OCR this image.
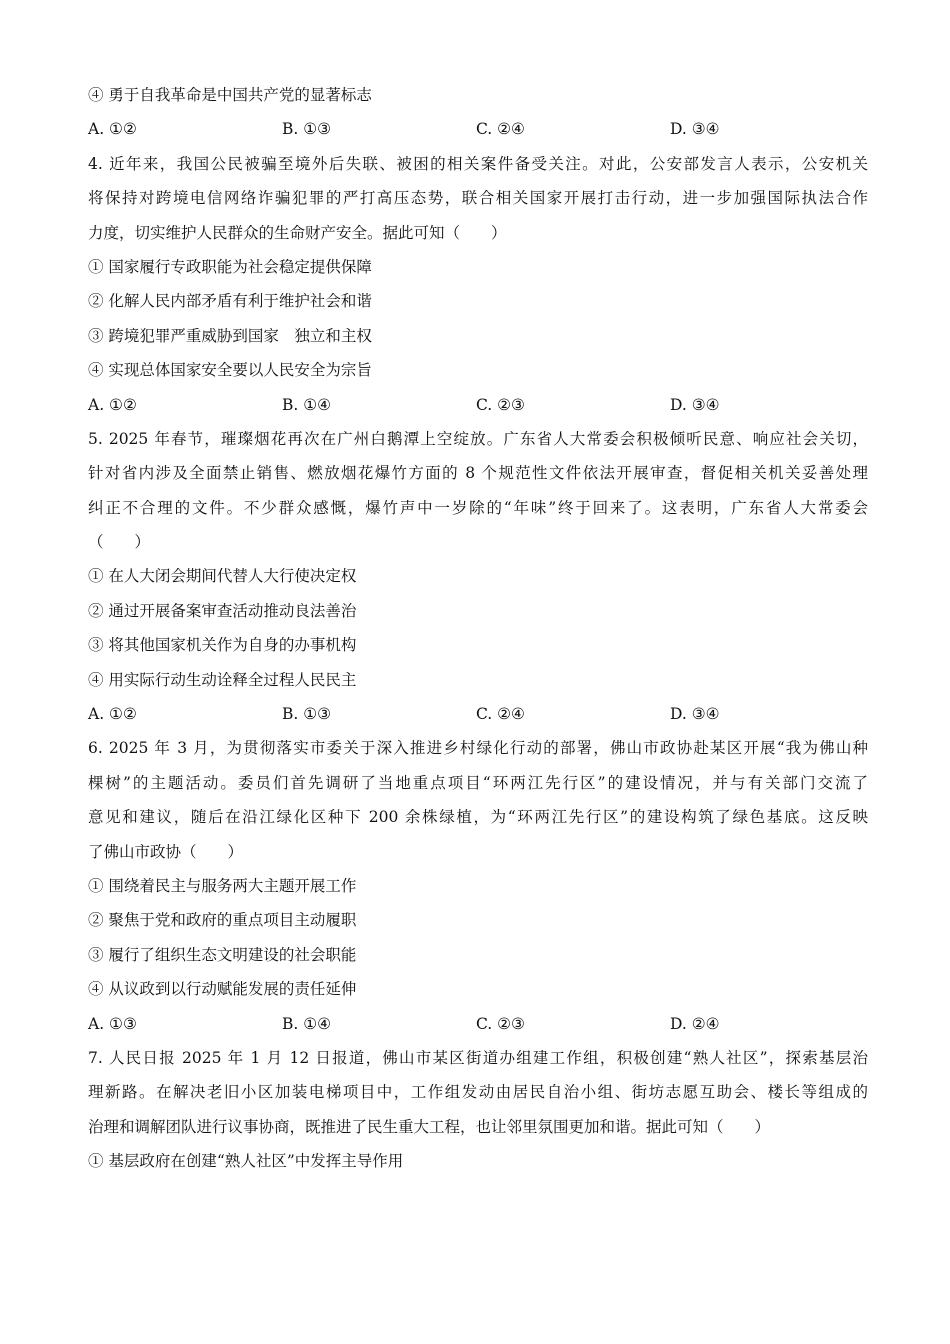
④ 勇于自我革命是中国共产党的显著标志
A. ①②	B. ①③	C. ②④	D. ③④
4. 近年来，我国公民被骗至境外后失联、被困的相关案件备受关注。对此，公安部发言人表示，公安机关
将保持对跨境电信网络诈骗犯罪的严打高压态势，联合相关国家开展打击行动，进一步加强国际执法合作
力度，切实维护人民群众的生命财产安全。据此可知（　　）
① 国家履行专政职能为社会稳定提供保障
② 化解人民内部矛盾有利于维护社会和谐
③ 跨境犯罪严重威胁到国家　独立和主权
④ 实现总体国家安全要以人民安全为宗旨
A. ①②	B. ①④	C. ②③	D. ③④
5. 2025 年春节，璀璨烟花再次在广州白鹅潭上空绽放。广东省人大常委会积极倾听民意、响应社会关切，
针对省内涉及全面禁止销售、燃放烟花爆竹方面的 8 个规范性文件依法开展审查，督促相关机关妥善处理
纠正不合理的文件。不少群众感慨，爆竹声中一岁除的“年味”终于回来了。这表明，广东省人大常委会
（　　）
① 在人大闭会期间代替人大行使决定权
② 通过开展备案审查活动推动良法善治
③ 将其他国家机关作为自身的办事机构
④ 用实际行动生动诠释全过程人民民主
A. ①②	B. ①③	C. ②④	D. ③④
6. 2025 年 3 月，为贯彻落实市委关于深入推进乡村绿化行动的部署，佛山市政协赴某区开展“我为佛山种
棵树”的主题活动。委员们首先调研了当地重点项目“环两江先行区”的建设情况，并与有关部门交流了
意见和建议，随后在沿江绿化区种下 200 余株绿植，为“环两江先行区”的建设构筑了绿色基底。这反映
了佛山市政协（　　）
① 围绕着民主与服务两大主题开展工作
② 聚焦于党和政府的重点项目主动履职
③ 履行了组织生态文明建设的社会职能
④ 从议政到以行动赋能发展的责任延伸
A. ①③	B. ①④	C. ②③	D. ②④
7. 人民日报 2025 年 1 月 12 日报道，佛山市某区街道办组建工作组，积极创建“熟人社区”，探索基层治
理新路。在解决老旧小区加装电梯项目中，工作组发动由居民自治小组、街坊志愿互助会、楼长等组成的
治理和调解团队进行议事协商，既推进了民生重大工程，也让邻里氛围更加和谐。据此可知（　　）
① 基层政府在创建“熟人社区”中发挥主导作用
